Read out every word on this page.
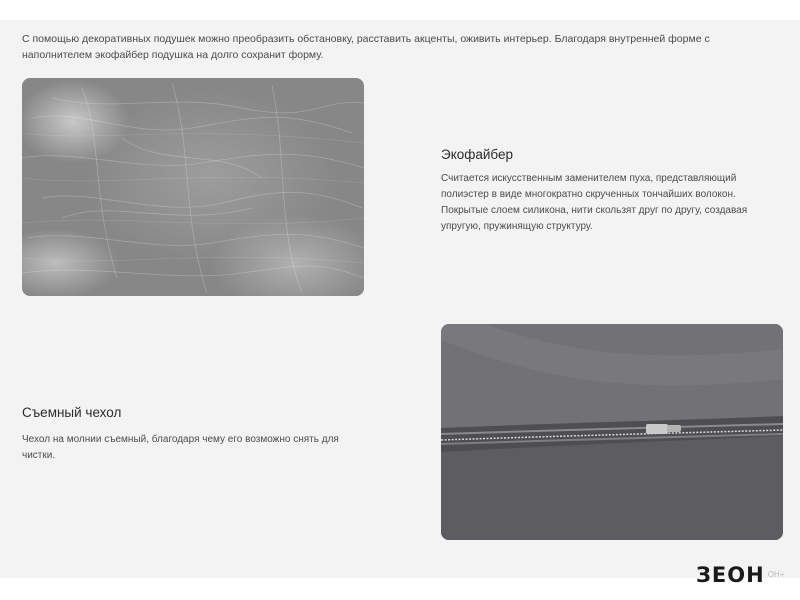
С помощью декоративных подушек можно преобразить обстановку, расставить акценты, оживить интерьер. Благодаря внутренней форме с наполнителем экофайбер подушка на долго сохранит форму.

Экофайбер

Считается искусственным заменителем пуха, представляющий полиэстер в виде многократно скрученных тончайших волокон. Покрытые слоем силикона, нити скользят друг по другу, создавая упругую, пружинящую структуру.

Съемный чехол

Чехол на молнии съемный, благодаря чему его возможно снять для чистки.

ЗЕОН ОН+
